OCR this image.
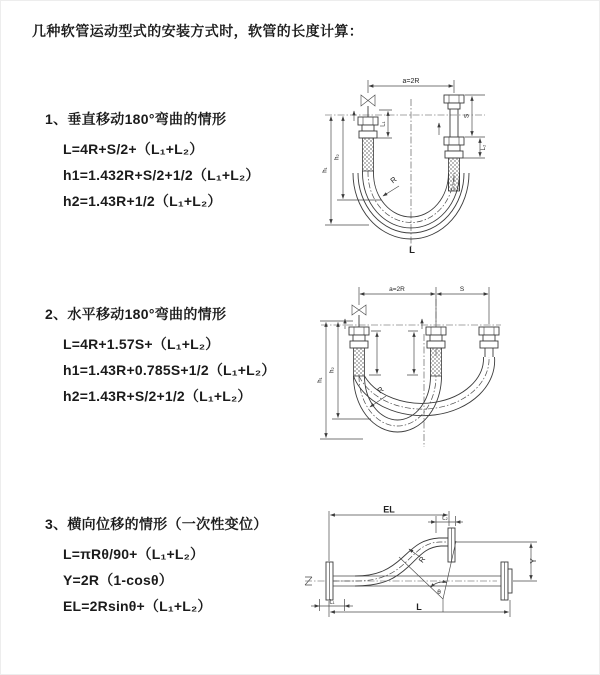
几种软管运动型式的安装方式时，软管的长度计算：
1、垂直移动180°弯曲的情形
L=4R+S/2+（L₁+L₂）
h1=1.432R+S/2+1/2（L₁+L₂）
h2=1.43R+1/2（L₁+L₂）
2、水平移动180°弯曲的情形
L=4R+1.57S+（L₁+L₂）
h1=1.43R+0.785S+1/2（L₁+L₂）
h2=1.43R+S/2+1/2（L₁+L₂）
3、横向位移的情形（一次性变位）
L=πRθ/90+（L₁+L₂）
Y=2R（1-cosθ）
EL=2Rsinθ+（L₁+L₂）
a=2R
L₁
S
L₂
h₁
h₂
R
L
a=2R	S
h₁
h₂
R
EL
L₂
Y
L
L₁
θ
R
